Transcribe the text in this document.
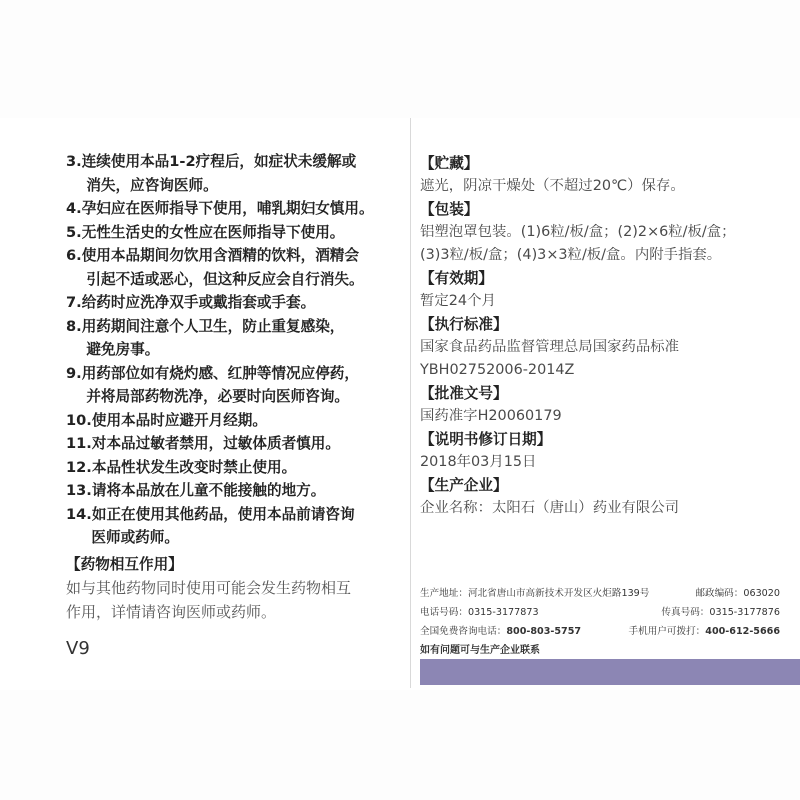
3.连续使用本品1-2疗程后，如症状未缓解或
消失，应咨询医师。
4.孕妇应在医师指导下使用，哺乳期妇女慎用。
5.无性生活史的女性应在医师指导下使用。
6.使用本品期间勿饮用含酒精的饮料，酒精会
引起不适或恶心，但这种反应会自行消失。
7.给药时应洗净双手或戴指套或手套。
8.用药期间注意个人卫生，防止重复感染，
避免房事。
9.用药部位如有烧灼感、红肿等情况应停药，
并将局部药物洗净，必要时向医师咨询。
10.使用本品时应避开月经期。
11.对本品过敏者禁用，过敏体质者慎用。
12.本品性状发生改变时禁止使用。
13.请将本品放在儿童不能接触的地方。
14.如正在使用其他药品，使用本品前请咨询
医师或药师。
【药物相互作用】
如与其他药物同时使用可能会发生药物相互
作用，详情请咨询医师或药师。
V9
【贮藏】
遮光，阴凉干燥处（不超过20℃）保存。
【包装】
铝塑泡罩包装。(1)6粒/板/盒；(2)2×6粒/板/盒；
(3)3粒/板/盒；(4)3×3粒/板/盒。内附手指套。
【有效期】
暂定24个月
【执行标准】
国家食品药品监督管理总局国家药品标准
YBH02752006-2014Z
【批准文号】
国药准字H20060179
【说明书修订日期】
2018年03月15日
【生产企业】
企业名称：太阳石（唐山）药业有限公司
生产地址：河北省唐山市高新技术开发区火炬路139号	邮政编码：063020
电话号码：0315-3177873	传真号码：0315-3177876
全国免费咨询电话：800-803-5757	手机用户可拨打：400-612-5666
如有问题可与生产企业联系
